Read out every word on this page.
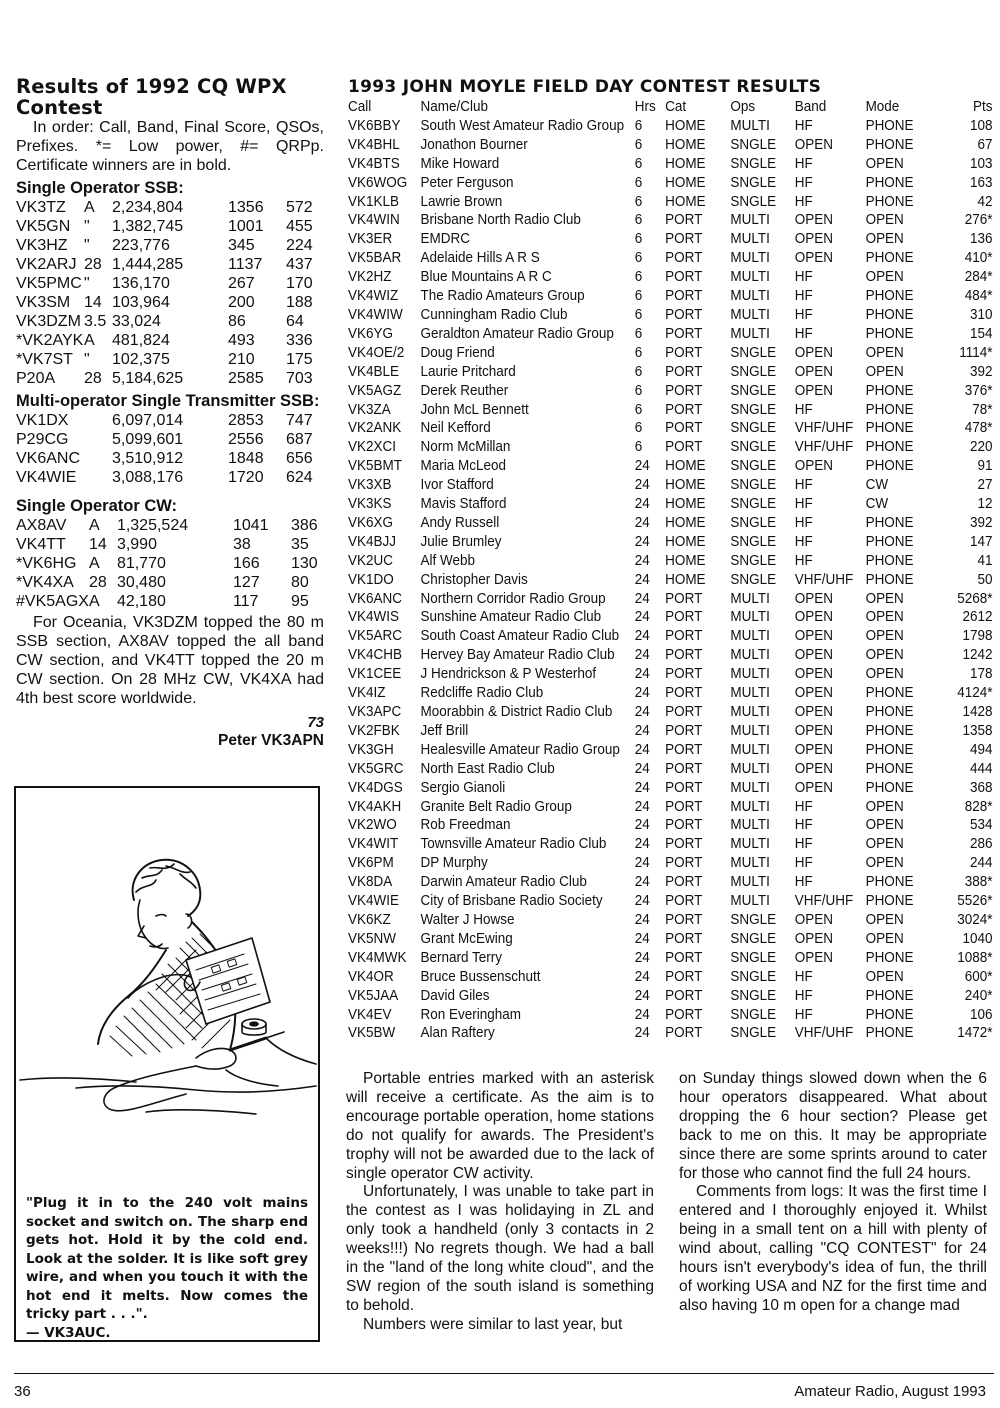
Results of 1992 CQ WPX Contest

In order: Call, Band, Final Score, QSOs, Prefixes. *= Low power, #= QRPp. Certificate winners are in bold.

Single Operator SSB:
VK3TZ	A	2,234,804	1356	572
VK5GN	"	1,382,745	1001	455
VK3HZ	"	223,776	345	224
VK2ARJ	28	1,444,285	1137	437
VK5PMC	"	136,170	267	170
VK3SM	14	103,964	200	188
VK3DZM	3.5	33,024	86	64
*VK2AYK	A	481,824	493	336
*VK7ST	"	102,375	210	175
P20A	28	5,184,625	2585	703
Multi-operator Single Transmitter SSB:
VK1DX	6,097,014	2853	747
P29CG	5,099,601	2556	687
VK6ANC	3,510,912	1848	656
VK4WIE	3,088,176	1720	624
Single Operator CW:
AX8AV	A	1,325,524	1041	386
VK4TT	14	3,990	38	35
*VK6HG	A	81,770	166	130
*VK4XA	28	30,480	127	80
#VK5AGX	A	42,180	117	95

For Oceania, VK3DZM topped the 80 m SSB section, AX8AV topped the all band CW section, and VK4TT topped the 20 m CW section. On 28 MHz CW, VK4XA had 4th best score worldwide.

73
Peter VK3APN
"Plug it in to the 240 volt mains socket and switch on. The sharp end gets hot. Hold it by the cold end. Look at the solder. It is like soft grey wire, and when you touch it with the hot end it melts. Now comes the tricky part . . .".
— VK3AUC.
1993 JOHN MOYLE FIELD DAY CONTEST RESULTS
Call	Name/Club	Hrs	Cat	Ops	Band	Mode	Pts
VK6BBY	South West Amateur Radio Group	6	HOME	MULTI	HF	PHONE	108
VK4BHL	Jonathon Bourner	6	HOME	SNGLE	OPEN	PHONE	67
VK4BTS	Mike Howard	6	HOME	SNGLE	HF	OPEN	103
VK6WOG	Peter Ferguson	6	HOME	SNGLE	HF	PHONE	163
VK1KLB	Lawrie Brown	6	HOME	SNGLE	HF	PHONE	42
VK4WIN	Brisbane North Radio Club	6	PORT	MULTI	OPEN	OPEN	276*
VK3ER	EMDRC	6	PORT	MULTI	OPEN	OPEN	136
VK5BAR	Adelaide Hills A R S	6	PORT	MULTI	OPEN	PHONE	410*
VK2HZ	Blue Mountains A R C	6	PORT	MULTI	HF	OPEN	284*
VK4WIZ	The Radio Amateurs Group	6	PORT	MULTI	HF	PHONE	484*
VK4WIW	Cunningham Radio Club	6	PORT	MULTI	HF	PHONE	310
VK6YG	Geraldton Amateur Radio Group	6	PORT	MULTI	HF	PHONE	154
VK4OE/2	Doug Friend	6	PORT	SNGLE	OPEN	OPEN	1114*
VK4BLE	Laurie Pritchard	6	PORT	SNGLE	OPEN	OPEN	392
VK5AGZ	Derek Reuther	6	PORT	SNGLE	OPEN	PHONE	376*
VK3ZA	John McL Bennett	6	PORT	SNGLE	HF	PHONE	78*
VK2ANK	Neil Kefford	6	PORT	SNGLE	VHF/UHF	PHONE	478*
VK2XCI	Norm McMillan	6	PORT	SNGLE	VHF/UHF	PHONE	220
VK5BMT	Maria McLeod	24	HOME	SNGLE	OPEN	PHONE	91
VK3XB	Ivor Stafford	24	HOME	SNGLE	HF	CW	27
VK3KS	Mavis Stafford	24	HOME	SNGLE	HF	CW	12
VK6XG	Andy Russell	24	HOME	SNGLE	HF	PHONE	392
VK4BJJ	Julie Brumley	24	HOME	SNGLE	HF	PHONE	147
VK2UC	Alf Webb	24	HOME	SNGLE	HF	PHONE	41
VK1DO	Christopher Davis	24	HOME	SNGLE	VHF/UHF	PHONE	50
VK6ANC	Northern Corridor Radio Group	24	PORT	MULTI	OPEN	OPEN	5268*
VK4WIS	Sunshine Amateur Radio Club	24	PORT	MULTI	OPEN	OPEN	2612
VK5ARC	South Coast Amateur Radio Club	24	PORT	MULTI	OPEN	OPEN	1798
VK4CHB	Hervey Bay Amateur Radio Club	24	PORT	MULTI	OPEN	OPEN	1242
VK1CEE	J Hendrickson & P Westerhof	24	PORT	MULTI	OPEN	OPEN	178
VK4IZ	Redcliffe Radio Club	24	PORT	MULTI	OPEN	PHONE	4124*
VK3APC	Moorabbin & District Radio Club	24	PORT	MULTI	OPEN	PHONE	1428
VK2FBK	Jeff Brill	24	PORT	MULTI	OPEN	PHONE	1358
VK3GH	Healesville Amateur Radio Group	24	PORT	MULTI	OPEN	PHONE	494
VK5GRC	North East Radio Club	24	PORT	MULTI	OPEN	PHONE	444
VK4DGS	Sergio Gianoli	24	PORT	MULTI	OPEN	PHONE	368
VK4AKH	Granite Belt Radio Group	24	PORT	MULTI	HF	OPEN	828*
VK2WO	Rob Freedman	24	PORT	MULTI	HF	OPEN	534
VK4WIT	Townsville Amateur Radio Club	24	PORT	MULTI	HF	OPEN	286
VK6PM	DP Murphy	24	PORT	MULTI	HF	OPEN	244
VK8DA	Darwin Amateur Radio Club	24	PORT	MULTI	HF	PHONE	388*
VK4WIE	City of Brisbane Radio Society	24	PORT	MULTI	VHF/UHF	PHONE	5526*
VK6KZ	Walter J Howse	24	PORT	SNGLE	OPEN	OPEN	3024*
VK5NW	Grant McEwing	24	PORT	SNGLE	OPEN	OPEN	1040
VK4MWK	Bernard Terry	24	PORT	SNGLE	OPEN	PHONE	1088*
VK4OR	Bruce Bussenschutt	24	PORT	SNGLE	HF	OPEN	600*
VK5JAA	David Giles	24	PORT	SNGLE	HF	PHONE	240*
VK4EV	Ron Everingham	24	PORT	SNGLE	HF	PHONE	106
VK5BW	Alan Raftery	24	PORT	SNGLE	VHF/UHF	PHONE	1472*

Portable entries marked with an asterisk will receive a certificate. As the aim is to encourage portable operation, home stations do not qualify for awards. The President's trophy will not be awarded due to the lack of single operator CW activity.

Unfortunately, I was unable to take part in the contest as I was holidaying in ZL and only took a handheld (only 3 contacts in 2 weeks!!!) No regrets though. We had a ball in the "land of the long white cloud", and the SW region of the south island is something to behold.

Numbers were similar to last year, but

on Sunday things slowed down when the 6 hour operators disappeared. What about dropping the 6 hour section? Please get back to me on this. It may be appropriate since there are some sprints around to cater for those who cannot find the full 24 hours.

Comments from logs: It was the first time I entered and I thoroughly enjoyed it. Whilst being in a small tent on a hill with plenty of wind about, calling "CQ CONTEST" for 24 hours isn't everybody's idea of fun, the thrill of working USA and NZ for the first time and also having 10 m open for a change mad

36	Amateur Radio, August 1993
